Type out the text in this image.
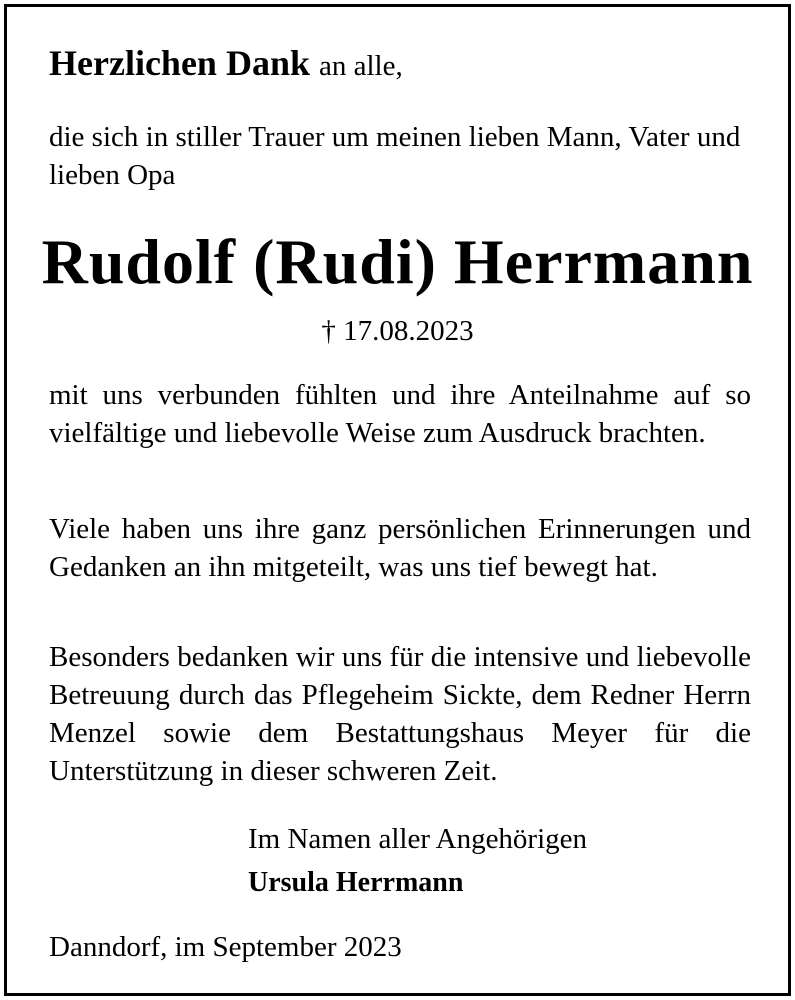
Herzlichen Dank an alle,
die sich in stiller Trauer um meinen lieben Mann, Vater und lieben Opa
Rudolf (Rudi) Herrmann
† 17.08.2023
mit uns verbunden fühlten und ihre Anteilnahme auf so vielfältige und liebevolle Weise zum Ausdruck brachten.
Viele haben uns ihre ganz persönlichen Erinnerungen und Gedanken an ihn mitgeteilt, was uns tief bewegt hat.
Besonders bedanken wir uns für die intensive und liebevolle Betreuung durch das Pflegeheim Sickte, dem Redner Herrn Menzel sowie dem Bestattungshaus Meyer für die Unterstützung in dieser schweren Zeit.
Im Namen aller Angehörigen
Ursula Herrmann
Danndorf, im September 2023
